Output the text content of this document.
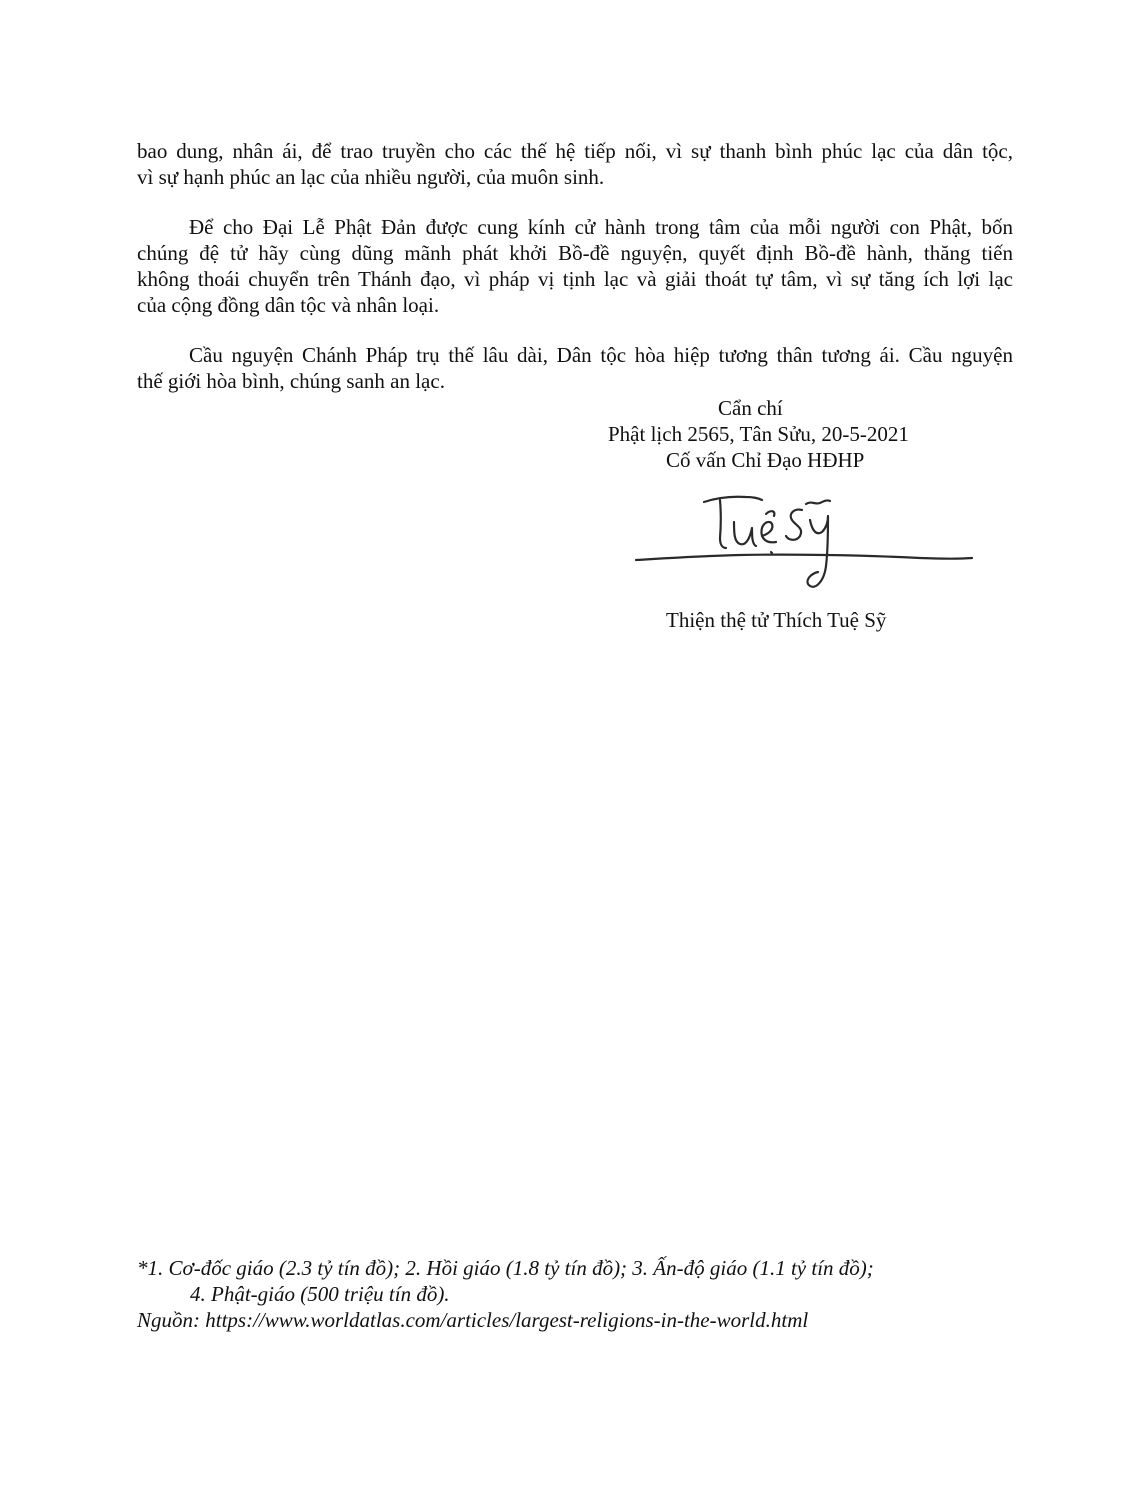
bao dung, nhân ái, để trao truyền cho các thế hệ tiếp nối, vì sự thanh bình phúc lạc của dân tộc,
vì sự hạnh phúc an lạc của nhiều người, của muôn sinh.
Để cho Đại Lễ Phật Đản được cung kính cử hành trong tâm của mỗi người con Phật, bốn
chúng đệ tử hãy cùng dũng mãnh phát khởi Bồ-đề nguyện, quyết định Bồ-đề hành, thăng tiến
không thoái chuyển trên Thánh đạo, vì pháp vị tịnh lạc và giải thoát tự tâm, vì sự tăng ích lợi lạc
của cộng đồng dân tộc và nhân loại.
Cầu nguyện Chánh Pháp trụ thế lâu dài, Dân tộc hòa hiệp tương thân tương ái. Cầu nguyện
thế giới hòa bình, chúng sanh an lạc.

Cẩn chí

Phật lịch 2565, Tân Sửu, 20-5-2021

Cố vấn Chỉ Đạo HĐHP

Thiện thệ tử Thích Tuệ Sỹ

*1. Cơ-đốc giáo (2.3 tỷ tín đồ); 2. Hồi giáo (1.8 tỷ tín đồ); 3. Ấn-độ giáo (1.1 tỷ tín đồ);

4. Phật-giáo (500 triệu tín đồ).

Nguồn: https://www.worldatlas.com/articles/largest-religions-in-the-world.html
